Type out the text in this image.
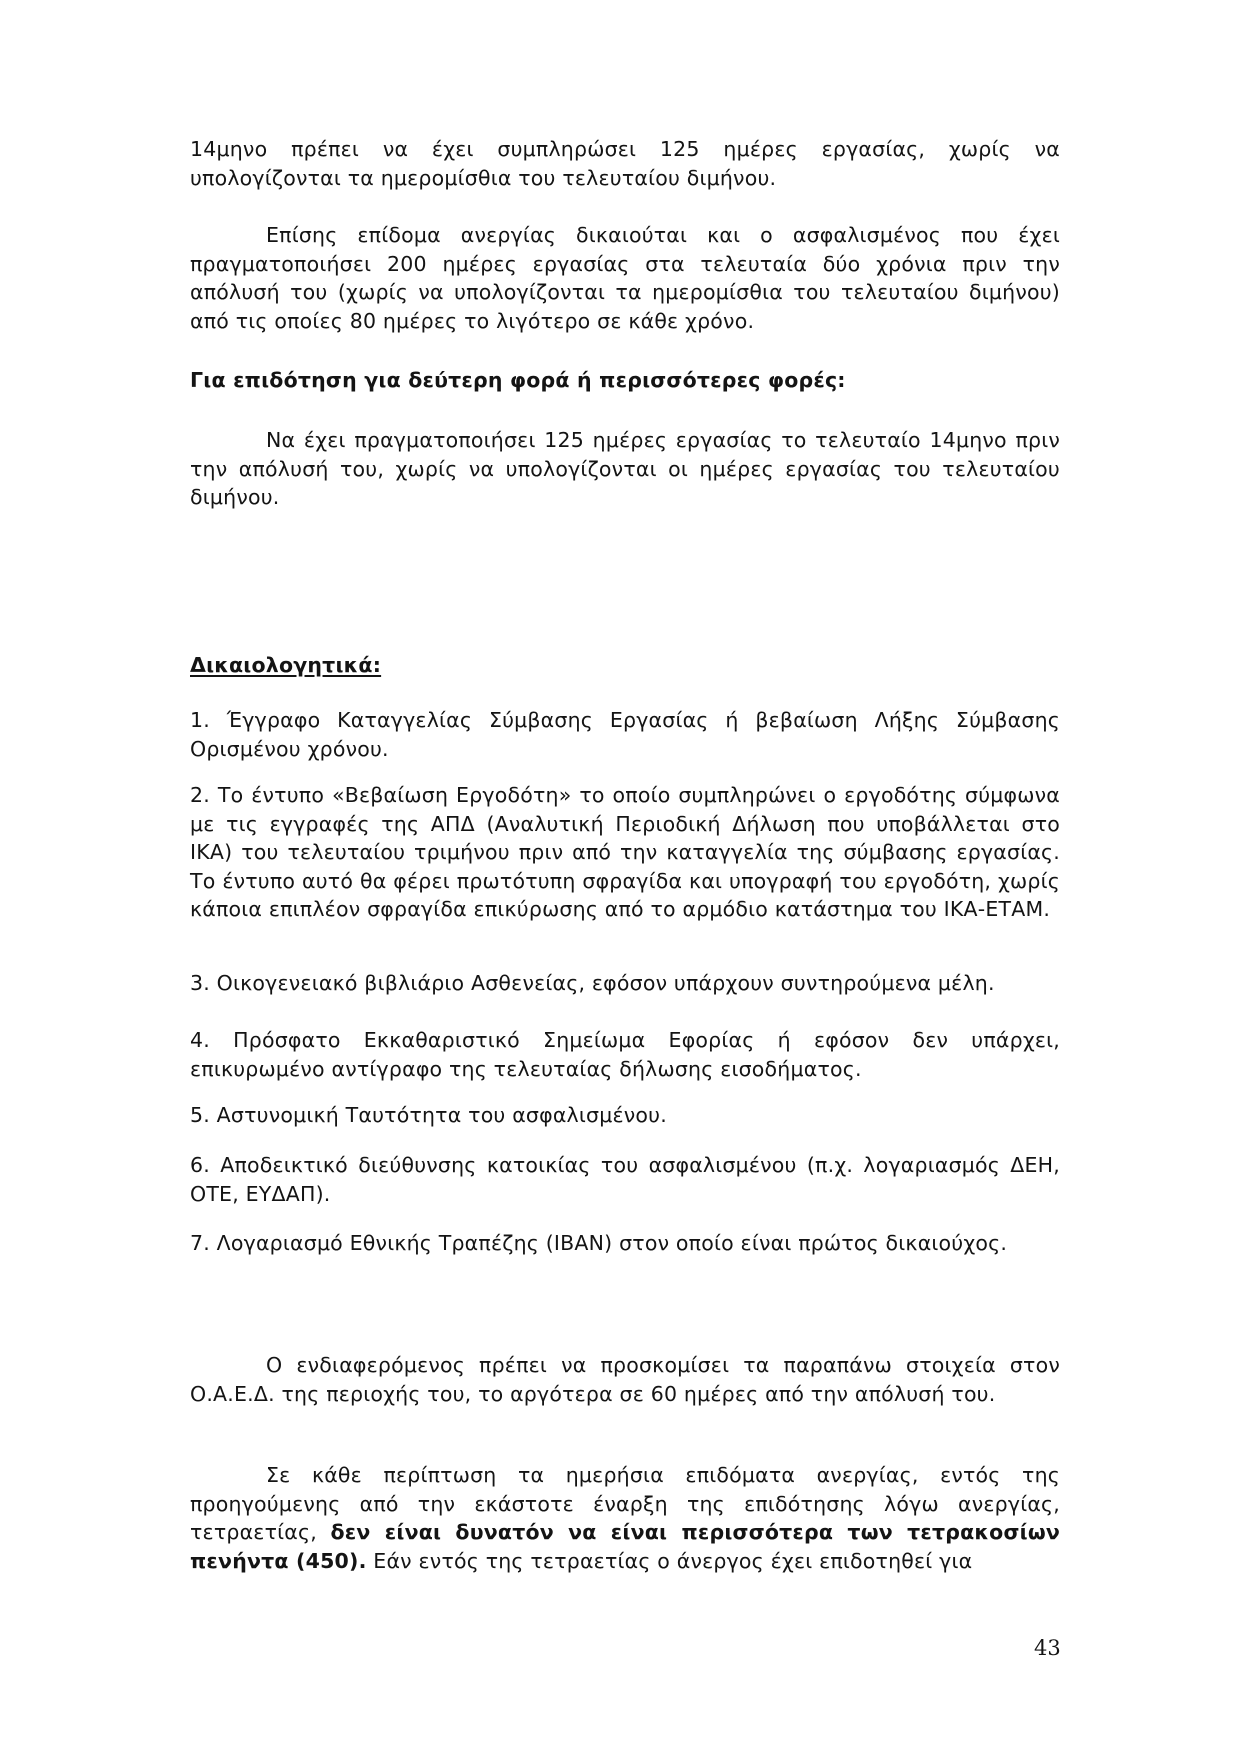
14μηνο πρέπει να έχει συμπληρώσει 125 ημέρες εργασίας, χωρίς να υπολογίζονται τα ημερομίσθια του τελευταίου διμήνου.

Επίσης επίδομα ανεργίας δικαιούται και ο ασφαλισμένος που έχει πραγματοποιήσει 200 ημέρες εργασίας στα τελευταία δύο χρόνια πριν την απόλυσή του (χωρίς να υπολογίζονται τα ημερομίσθια του τελευταίου διμήνου) από τις οποίες 80 ημέρες το λιγότερο σε κάθε χρόνο.

Για επιδότηση για δεύτερη φορά ή περισσότερες φορές:

Να έχει πραγματοποιήσει 125 ημέρες εργασίας το τελευταίο 14μηνο πριν την απόλυσή του, χωρίς να υπολογίζονται οι ημέρες εργασίας του τελευταίου διμήνου.

Δικαιολογητικά:

1. Έγγραφο Καταγγελίας Σύμβασης Εργασίας ή βεβαίωση Λήξης Σύμβασης Ορισμένου χρόνου.

2. Το έντυπο «Βεβαίωση Εργοδότη» το οποίο συμπληρώνει ο εργοδότης σύμφωνα με τις εγγραφές της ΑΠΔ (Αναλυτική Περιοδική Δήλωση που υποβάλλεται στο ΙΚΑ) του τελευταίου τριμήνου πριν από την καταγγελία της σύμβασης εργασίας. Το έντυπο αυτό θα φέρει πρωτότυπη σφραγίδα και υπογραφή του εργοδότη, χωρίς κάποια επιπλέον σφραγίδα επικύρωσης από το αρμόδιο κατάστημα του ΙΚΑ-ΕΤΑΜ.

3. Οικογενειακό βιβλιάριο Ασθενείας, εφόσον υπάρχουν συντηρούμενα μέλη.

4. Πρόσφατο Εκκαθαριστικό Σημείωμα Εφορίας ή εφόσον δεν υπάρχει, επικυρωμένο αντίγραφο της τελευταίας δήλωσης εισοδήματος.

5. Αστυνομική Ταυτότητα του ασφαλισμένου.

6. Αποδεικτικό διεύθυνσης κατοικίας του ασφαλισμένου (π.χ. λογαριασμός ΔΕΗ, ΟΤΕ, ΕΥΔΑΠ).

7. Λογαριασμό Εθνικής Τραπέζης (IBAN) στον οποίο είναι πρώτος δικαιούχος.

Ο ενδιαφερόμενος πρέπει να προσκομίσει τα παραπάνω στοιχεία στον Ο.Α.Ε.Δ. της περιοχής του, το αργότερα σε 60 ημέρες από την απόλυσή του.

Σε κάθε περίπτωση τα ημερήσια επιδόματα ανεργίας, εντός της προηγούμενης από την εκάστοτε έναρξη της επιδότησης λόγω ανεργίας, τετραετίας, δεν είναι δυνατόν να είναι περισσότερα των τετρακοσίων πενήντα (450). Εάν εντός της τετραετίας ο άνεργος έχει επιδοτηθεί για

43
